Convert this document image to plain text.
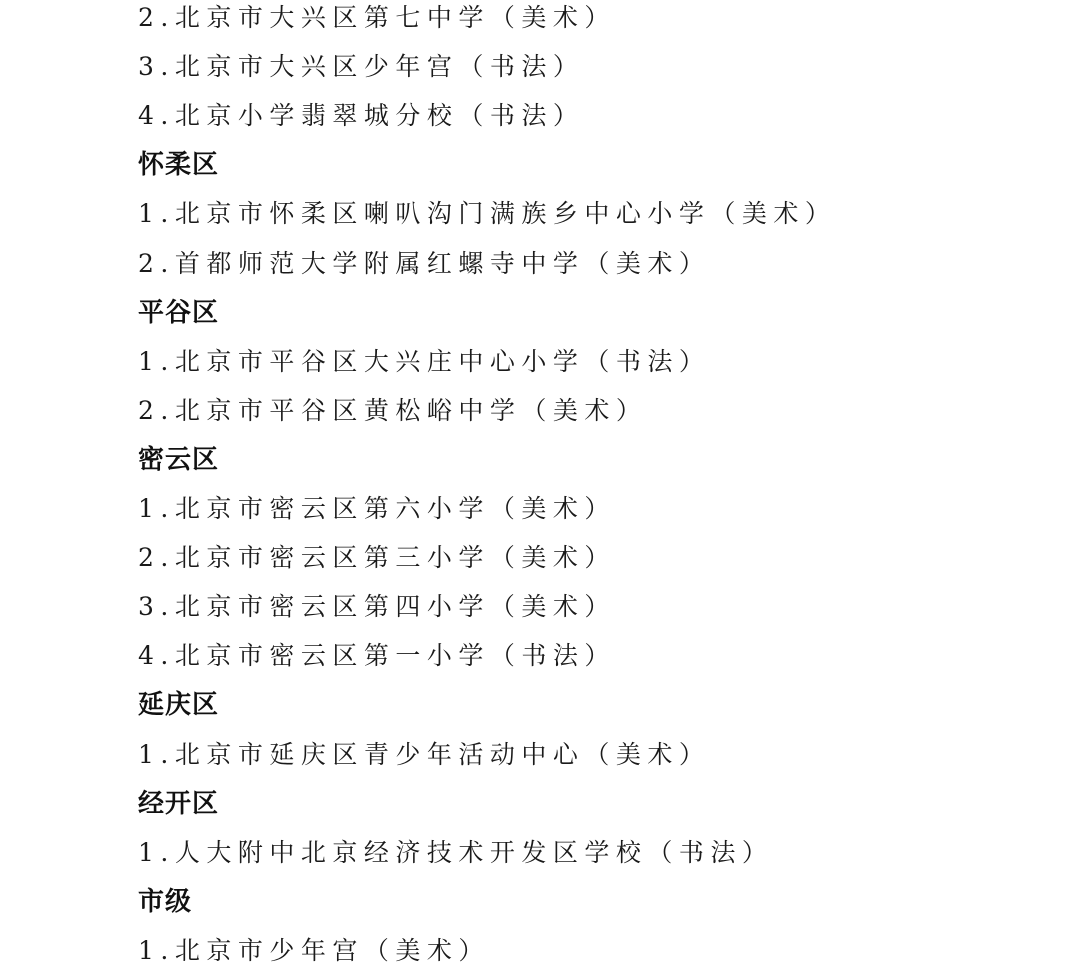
2.北京市大兴区第七中学（美术）
3.北京市大兴区少年宫（书法）
4.北京小学翡翠城分校（书法）
怀柔区
1.北京市怀柔区喇叭沟门满族乡中心小学（美术）
2.首都师范大学附属红螺寺中学（美术）
平谷区
1.北京市平谷区大兴庄中心小学（书法）
2.北京市平谷区黄松峪中学（美术）
密云区
1.北京市密云区第六小学（美术）
2.北京市密云区第三小学（美术）
3.北京市密云区第四小学（美术）
4.北京市密云区第一小学（书法）
延庆区
1.北京市延庆区青少年活动中心（美术）
经开区
1.人大附中北京经济技术开发区学校（书法）
市级
1.北京市少年宫（美术）
